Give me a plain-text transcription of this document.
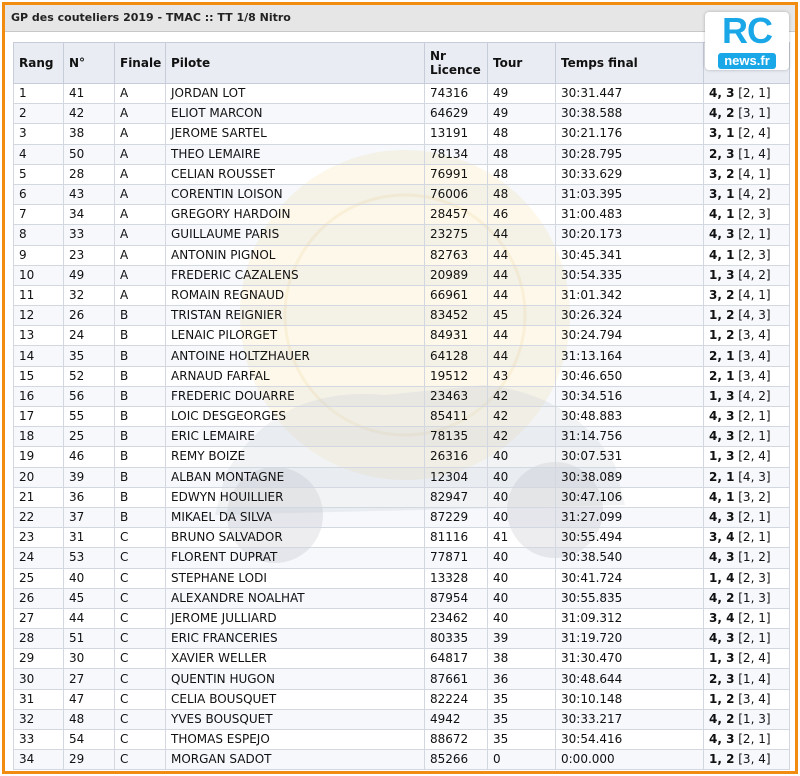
GP des couteliers 2019 - TMAC :: TT 1/8 Nitro	RC
news.fr
Rang	N°	Finale	Pilote	Nr Licence	Tour	Temps final	
1	41	A	JORDAN LOT	74316	49	30:31.447	4, 3 [2, 1]
2	42	A	ELIOT MARCON	64629	49	30:38.588	4, 2 [3, 1]
3	38	A	JEROME SARTEL	13191	48	30:21.176	3, 1 [2, 4]
4	50	A	THEO LEMAIRE	78134	48	30:28.795	2, 3 [1, 4]
5	28	A	CELIAN ROUSSET	76991	48	30:33.629	3, 2 [4, 1]
6	43	A	CORENTIN LOISON	76006	48	31:03.395	3, 1 [4, 2]
7	34	A	GREGORY HARDOIN	28457	46	31:00.483	4, 1 [2, 3]
8	33	A	GUILLAUME PARIS	23275	44	30:20.173	4, 3 [2, 1]
9	23	A	ANTONIN PIGNOL	82763	44	30:45.341	4, 1 [2, 3]
10	49	A	FREDERIC CAZALENS	20989	44	30:54.335	1, 3 [4, 2]
11	32	A	ROMAIN REGNAUD	66961	44	31:01.342	3, 2 [4, 1]
12	26	B	TRISTAN REIGNIER	83452	45	30:26.324	1, 2 [4, 3]
13	24	B	LENAIC PILORGET	84931	44	30:24.794	1, 2 [3, 4]
14	35	B	ANTOINE HOLTZHAUER	64128	44	31:13.164	2, 1 [3, 4]
15	52	B	ARNAUD FARFAL	19512	43	30:46.650	2, 1 [3, 4]
16	56	B	FREDERIC DOUARRE	23463	42	30:34.516	1, 3 [4, 2]
17	55	B	LOIC DESGEORGES	85411	42	30:48.883	4, 3 [2, 1]
18	25	B	ERIC LEMAIRE	78135	42	31:14.756	4, 3 [2, 1]
19	46	B	REMY BOIZE	26316	40	30:07.531	1, 3 [2, 4]
20	39	B	ALBAN MONTAGNE	12304	40	30:38.089	2, 1 [4, 3]
21	36	B	EDWYN HOUILLIER	82947	40	30:47.106	4, 1 [3, 2]
22	37	B	MIKAEL DA SILVA	87229	40	31:27.099	4, 3 [2, 1]
23	31	C	BRUNO SALVADOR	81116	41	30:55.494	3, 4 [2, 1]
24	53	C	FLORENT DUPRAT	77871	40	30:38.540	4, 3 [1, 2]
25	40	C	STEPHANE LODI	13328	40	30:41.724	1, 4 [2, 3]
26	45	C	ALEXANDRE NOALHAT	87954	40	30:55.835	4, 2 [1, 3]
27	44	C	JEROME JULLIARD	23462	40	31:09.312	3, 4 [2, 1]
28	51	C	ERIC FRANCERIES	80335	39	31:19.720	4, 3 [2, 1]
29	30	C	XAVIER WELLER	64817	38	31:30.470	1, 3 [2, 4]
30	27	C	QUENTIN HUGON	87661	36	30:48.644	2, 3 [1, 4]
31	47	C	CELIA BOUSQUET	82224	35	30:10.148	1, 2 [3, 4]
32	48	C	YVES BOUSQUET	4942	35	30:33.217	4, 2 [1, 3]
33	54	C	THOMAS ESPEJO	88672	35	30:54.416	4, 3 [2, 1]
34	29	C	MORGAN SADOT	85266	0	0:00.000	1, 2 [3, 4]
